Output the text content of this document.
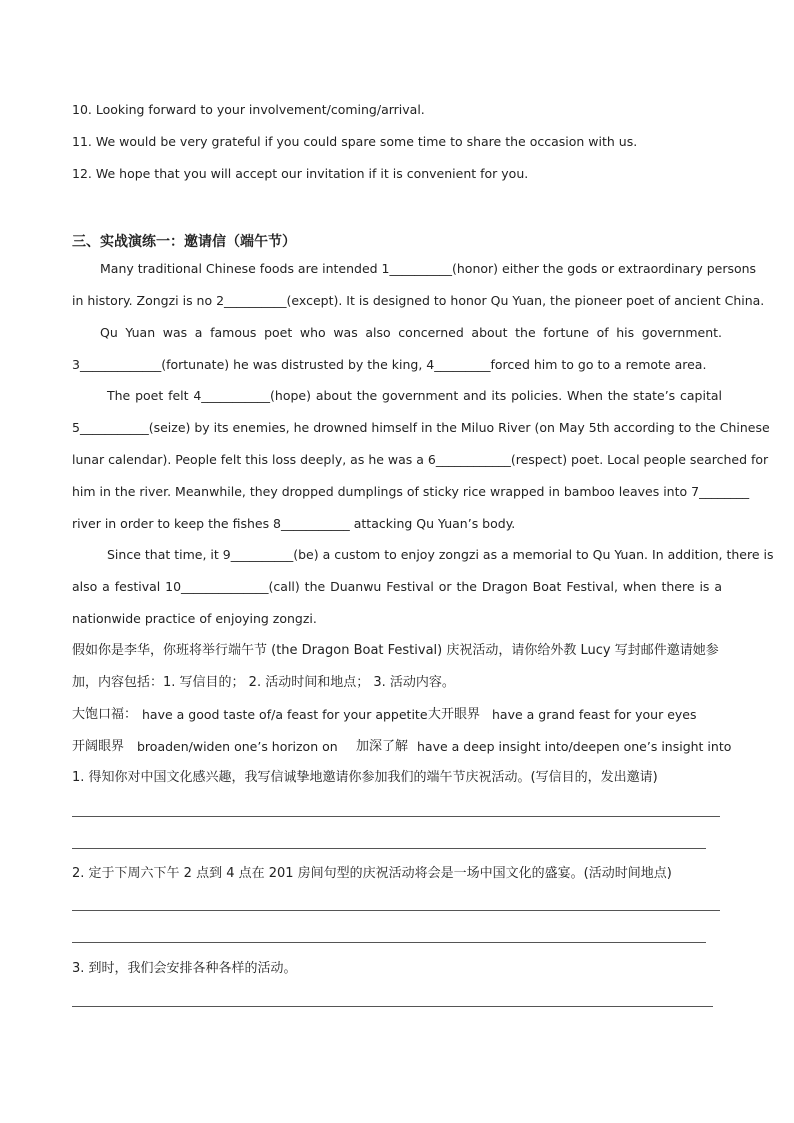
10. Looking forward to your involvement/coming/arrival.
11. We would be very grateful if you could spare some time to share the occasion with us.
12. We hope that you will accept our invitation if it is convenient for you.
三、实战演练一：邀请信（端午节）
Many traditional Chinese foods are intended 1__________(honor) either the gods or extraordinary persons
in history. Zongzi is no 2__________(except). It is designed to honor Qu Yuan, the pioneer poet of ancient China.
Qu Yuan was a famous poet who was also concerned about the fortune of his government.
3_____________(fortunate) he was distrusted by the king, 4_________forced him to go to a remote area.
The poet felt 4___________(hope) about the government and its policies. When the state’s capital
5___________(seize) by its enemies, he drowned himself in the Miluo River (on May 5th according to the Chinese
lunar calendar). People felt this loss deeply, as he was a 6____________(respect) poet. Local people searched for
him in the river. Meanwhile, they dropped dumplings of sticky rice wrapped in bamboo leaves into 7________
river in order to keep the fishes 8___________ attacking Qu Yuan’s body.
Since that time, it 9__________(be) a custom to enjoy zongzi as a memorial to Qu Yuan. In addition, there is
also a festival 10______________(call) the Duanwu Festival or the Dragon Boat Festival, when there is a
nationwide practice of enjoying zongzi.
假如你是李华，你班将举行端午节 (the Dragon Boat Festival) 庆祝活动，请你给外教 Lucy 写封邮件邀请她参
加，内容包括：1. 写信目的； 2. 活动时间和地点； 3. 活动内容。
大饱口福： have a good taste of/a feast for your appetite 大开眼界 have a grand feast for your eyes
开阔眼界 broaden/widen one’s horizon on 加深了解 have a deep insight into/deepen one’s insight into
1. 得知你对中国文化感兴趣，我写信诚挚地邀请你参加我们的端午节庆祝活动。(写信目的，发出邀请)
2. 定于下周六下午 2 点到 4 点在 201 房间句型的庆祝活动将会是一场中国文化的盛宴。(活动时间地点)
3. 到时，我们会安排各种各样的活动。
